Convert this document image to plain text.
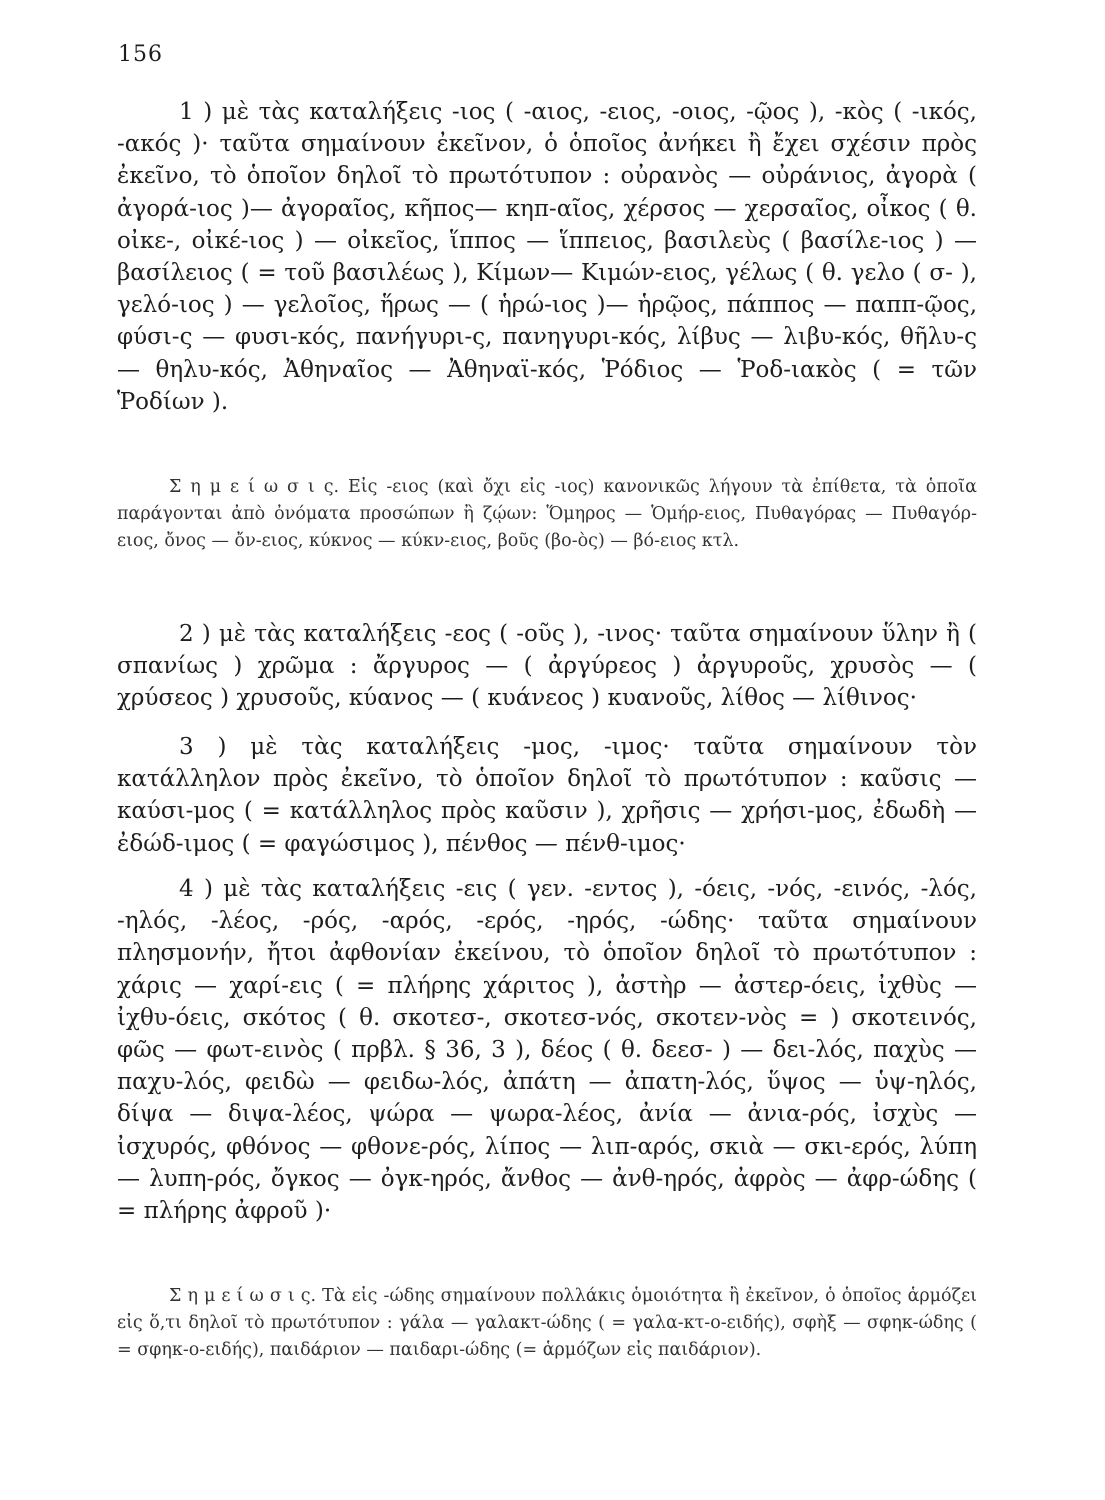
156
1 ) μὲ τὰς καταλήξεις -ιος ( -αιος, -ειος, -οιος, -ῷος ), -κὸς ( -ικός, -ακός )· ταῦτα σημαίνουν ἐκεῖνον, ὁ ὁποῖος ἀνήκει ἢ ἔχει σχέσιν πρὸς ἐκεῖνο, τὸ ὁποῖον δηλοῖ τὸ πρωτότυπον : οὐρανὸς — οὐράνιος, ἀγορὰ ( ἀγορά-ιος )— ἀγοραῖος, κῆπος— κηπ-αῖος, χέρσος — χερσαῖος, οἶκος ( θ. οἰκε-, οἰκέ-ιος ) — οἰκεῖος, ἵππος — ἵππειος, βασιλεὺς ( βασίλε-ιος ) — βασίλειος ( = τοῦ βασιλέως ), Κίμων— Κιμών-ειος, γέλως ( θ. γελο ( σ- ), γελό-ιος ) — γελοῖος, ἥρως — ( ἡρώ-ιος )— ἡρῷος, πάππος — παππ-ῷος, φύσι-ς — φυσι-κός, πανήγυρι-ς, πανηγυρι-κός, λίβυς — λιβυ-κός, θῆλυ-ς — θηλυ-κός, Ἀθηναῖος — Ἀθηναϊ-κός, Ῥόδιος — Ῥοδ-ιακὸς ( = τῶν Ῥοδίων ).
Σ η μ ε ί ω σ ι ς. Εἰς -ειος (καὶ ὄχι εἰς -ιος) κανονικῶς λήγουν τὰ ἐπίθετα, τὰ ὁποῖα παράγονται ἀπὸ ὀνόματα προσώπων ἢ ζῴων: Ὅμηρος — Ὁμήρ-ειος, Πυθαγόρας — Πυθαγόρ-ειος, ὄνος — ὄν-ειος, κύκνος — κύκν-ειος, βοῦς (βο-ὸς) — βό-ειος κτλ.
2 ) μὲ τὰς καταλήξεις -εος ( -οῦς ), -ινος· ταῦτα σημαίνουν ὕλην ἢ ( σπανίως ) χρῶμα : ἄργυρος — ( ἀργύρεος ) ἀργυροῦς, χρυσὸς — ( χρύσεος ) χρυσοῦς, κύανος — ( κυάνεος ) κυανοῦς, λίθος — λίθινος·
3 ) μὲ τὰς καταλήξεις -μος, -ιμος· ταῦτα σημαίνουν τὸν κατάλληλον πρὸς ἐκεῖνο, τὸ ὁποῖον δηλοῖ τὸ πρωτότυπον : καῦσις — καύσι-μος ( = κατάλληλος πρὸς καῦσιν ), χρῆσις — χρήσι-μος, ἐδωδὴ — ἐδώδ-ιμος ( = φαγώσιμος ), πένθος — πένθ-ιμος·
4 ) μὲ τὰς καταλήξεις -εις ( γεν. -εντος ), -όεις, -νός, -εινός, -λός, -ηλός, -λέος, -ρός, -αρός, -ερός, -ηρός, -ώδης· ταῦτα σημαίνουν πλησμονήν, ἤτοι ἀφθονίαν ἐκείνου, τὸ ὁποῖον δηλοῖ τὸ πρωτότυπον : χάρις — χαρί-εις ( = πλήρης χάριτος ), ἀστὴρ — ἀστερ-όεις, ἰχθὺς — ἰχθυ-όεις, σκότος ( θ. σκοτεσ-, σκοτεσ-νός, σκοτεν-νὸς = ) σκοτεινός, φῶς — φωτ-εινὸς ( πρβλ. § 36, 3 ), δέος ( θ. δεεσ- ) — δει-λός, παχὺς — παχυ-λός, φειδὼ — φειδω-λός, ἀπάτη — ἀπατη-λός, ὕψος — ὑψ-ηλός, δίψα — διψα-λέος, ψώρα — ψωρα-λέος, ἀνία — ἀνια-ρός, ἰσχὺς — ἰσχυρός, φθόνος — φθονε-ρός, λίπος — λιπ-αρός, σκιὰ — σκι-ερός, λύπη — λυπη-ρός, ὄγκος — ὀγκ-ηρός, ἄνθος — ἀνθ-ηρός, ἀφρὸς — ἀφρ-ώδης ( = πλήρης ἀφροῦ )·
Σ η μ ε ί ω σ ι ς. Τὰ εἰς -ώδης σημαίνουν πολλάκις ὁμοιότητα ἢ ἐκεῖνον, ὁ ὁποῖος ἁρμόζει εἰς ὅ,τι δηλοῖ τὸ πρωτότυπον : γάλα — γαλακτ-ώδης ( = γαλα-κτ-ο-ειδής), σφὴξ — σφηκ-ώδης ( = σφηκ-ο-ειδής), παιδάριον — παιδαρι-ώδης (= ἁρμόζων εἰς παιδάριον).
